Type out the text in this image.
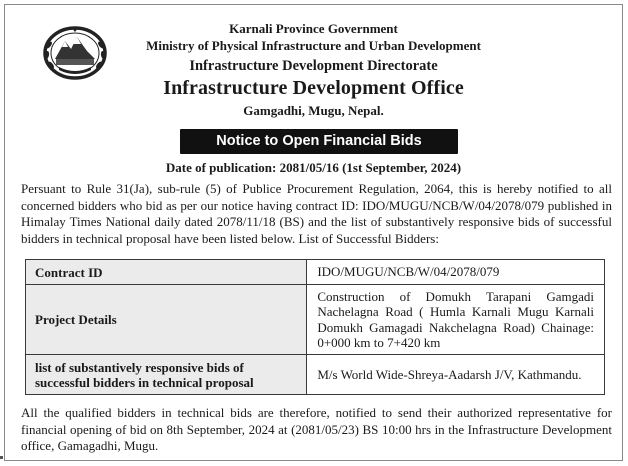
Karnali Province Government
Ministry of Physical Infrastructure and Urban Development
Infrastructure Development Directorate
Infrastructure Development Office
Gamgadhi, Mugu, Nepal.
Notice to Open Financial Bids
Date of publication: 2081/05/16 (1st September, 2024)
Persuant to Rule 31(Ja), sub-rule (5) of Publice Procurement Regulation, 2064, this is hereby notified to all concerned bidders who bid as per our notice having contract ID: IDO/MUGU/NCB/W/04/2078/079 published in Himalay Times National daily dated 2078/11/18 (BS) and the list of substantively responsive bids of successful bidders in technical proposal have been listed below. List of Successful Bidders:
Contract ID	IDO/MUGU/NCB/W/04/2078/079
Project Details	Construction of Domukh Tarapani Gamgadi Nachelagna Road ( Humla Karnali Mugu Karnali Domukh Gamagadi Nakchelagna Road) Chainage: 0+000 km to 7+420 km
list of substantively responsive bids of successful bidders in technical proposal	M/s World Wide-Shreya-Aadarsh J/V, Kathmandu.
All the qualified bidders in technical bids are therefore, notified to send their authorized representative for financial opening of bid on 8th September, 2024 at (2081/05/23) BS 10:00 hrs in the Infrastructure Development office, Gamagadhi, Mugu.
